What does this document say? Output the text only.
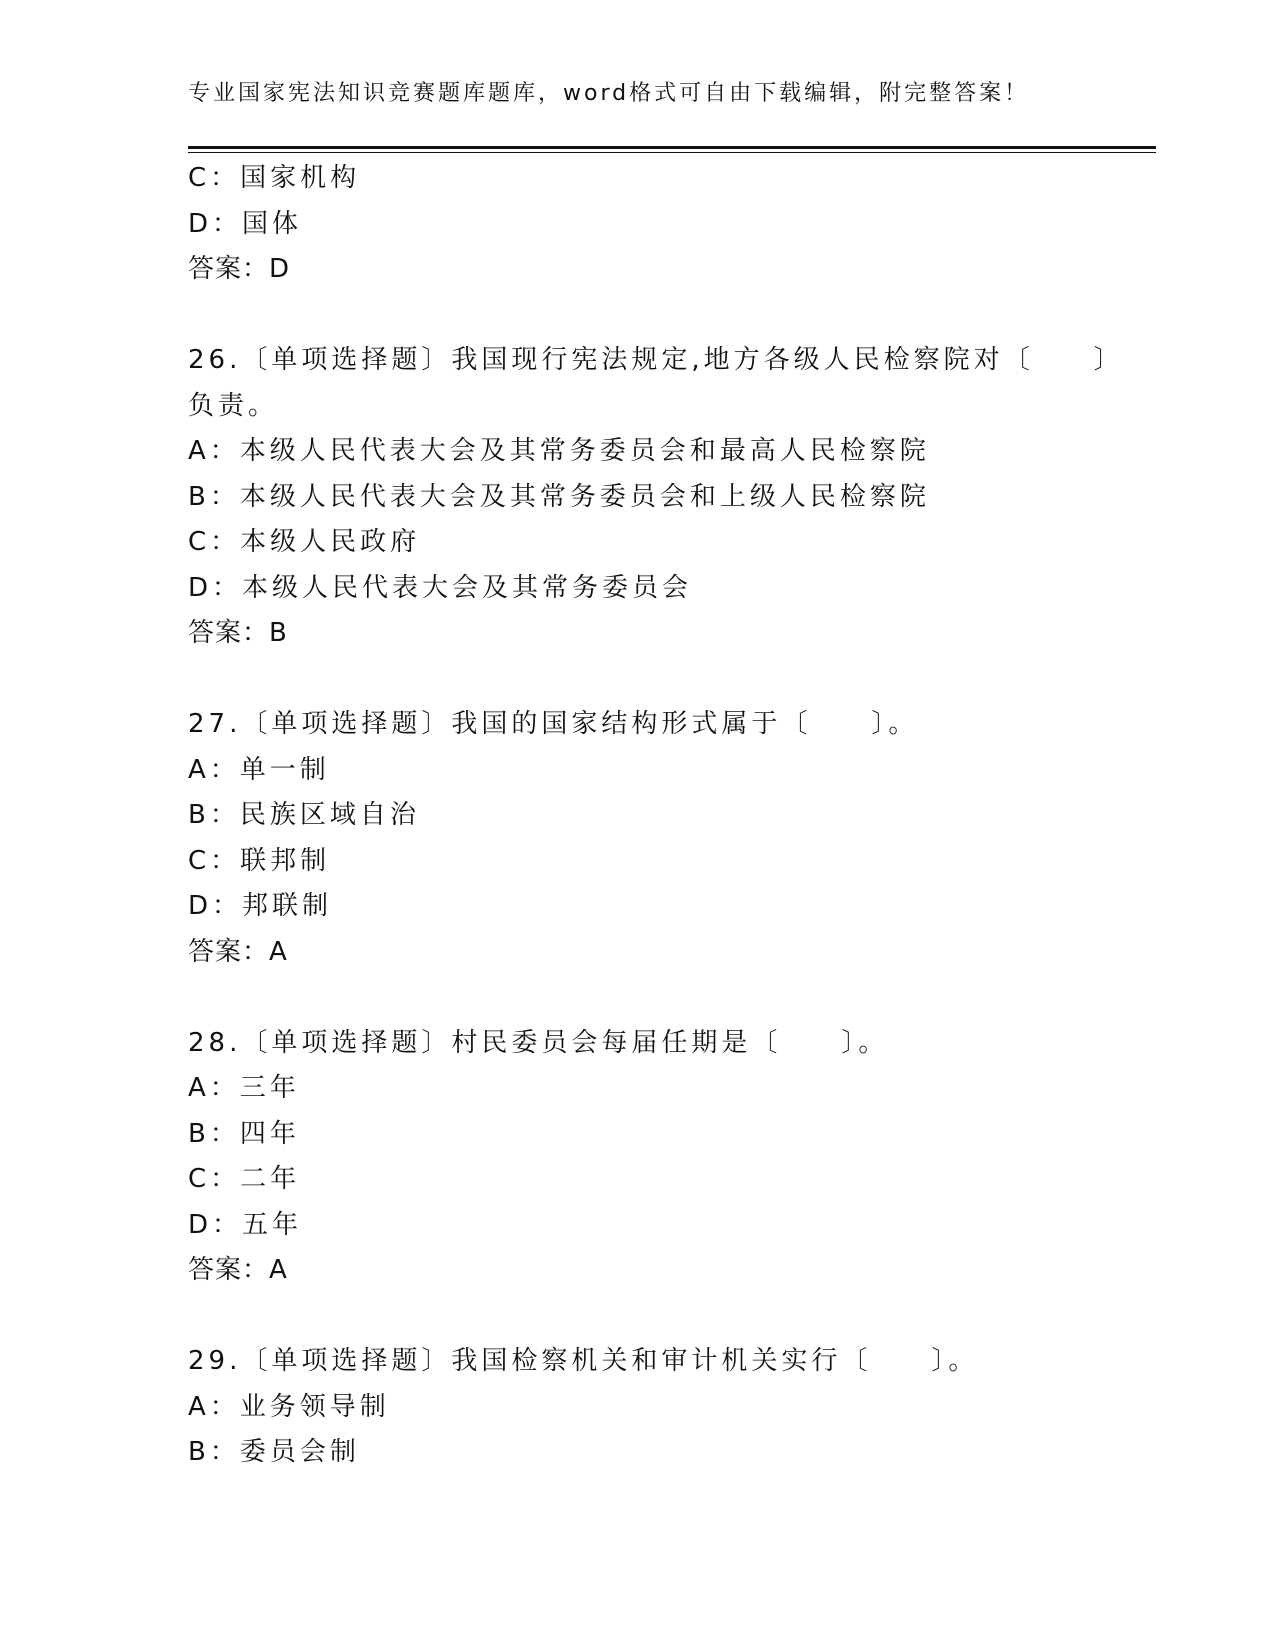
专业国家宪法知识竞赛题库题库，word格式可自由下载编辑，附完整答案！
C：国家机构
D：国体
答案：D
26.〔单项选择题〕我国现行宪法规定,地方各级人民检察院对〔　　〕
负责。
A：本级人民代表大会及其常务委员会和最高人民检察院
B：本级人民代表大会及其常务委员会和上级人民检察院
C：本级人民政府
D：本级人民代表大会及其常务委员会
答案：B
27.〔单项选择题〕我国的国家结构形式属于〔　　〕。
A：单一制
B：民族区域自治
C：联邦制
D：邦联制
答案：A
28.〔单项选择题〕村民委员会每届任期是〔　　〕。
A：三年
B：四年
C：二年
D：五年
答案：A
29.〔单项选择题〕我国检察机关和审计机关实行〔　　〕。
A：业务领导制
B：委员会制
